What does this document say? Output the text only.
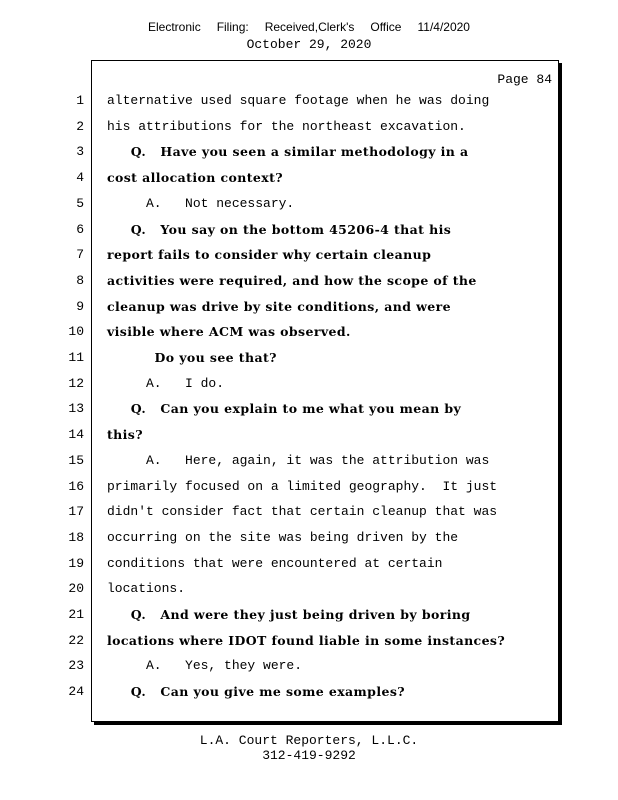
Electronic Filing: Received,Clerk's Office 11/4/2020
October 29, 2020
Page 84
1 alternative used square footage when he was doing
2 his attributions for the northeast excavation.
3 Q.   Have you seen a similar methodology in a
4 cost allocation context?
5 A.   Not necessary.
6 Q.   You say on the bottom 45206-4 that his
7 report fails to consider why certain cleanup
8 activities were required, and how the scope of the
9 cleanup was drive by site conditions, and were
10 visible where ACM was observed.
11 Do you see that?
12 A.   I do.
13 Q.   Can you explain to me what you mean by
14 this?
15 A.   Here, again, it was the attribution was
16 primarily focused on a limited geography.  It just
17 didn't consider fact that certain cleanup that was
18 occurring on the site was being driven by the
19 conditions that were encountered at certain
20 locations.
21 Q.   And were they just being driven by boring
22 locations where IDOT found liable in some instances?
23 A.   Yes, they were.
24 Q.   Can you give me some examples?
L.A. Court Reporters, L.L.C.
312-419-9292
